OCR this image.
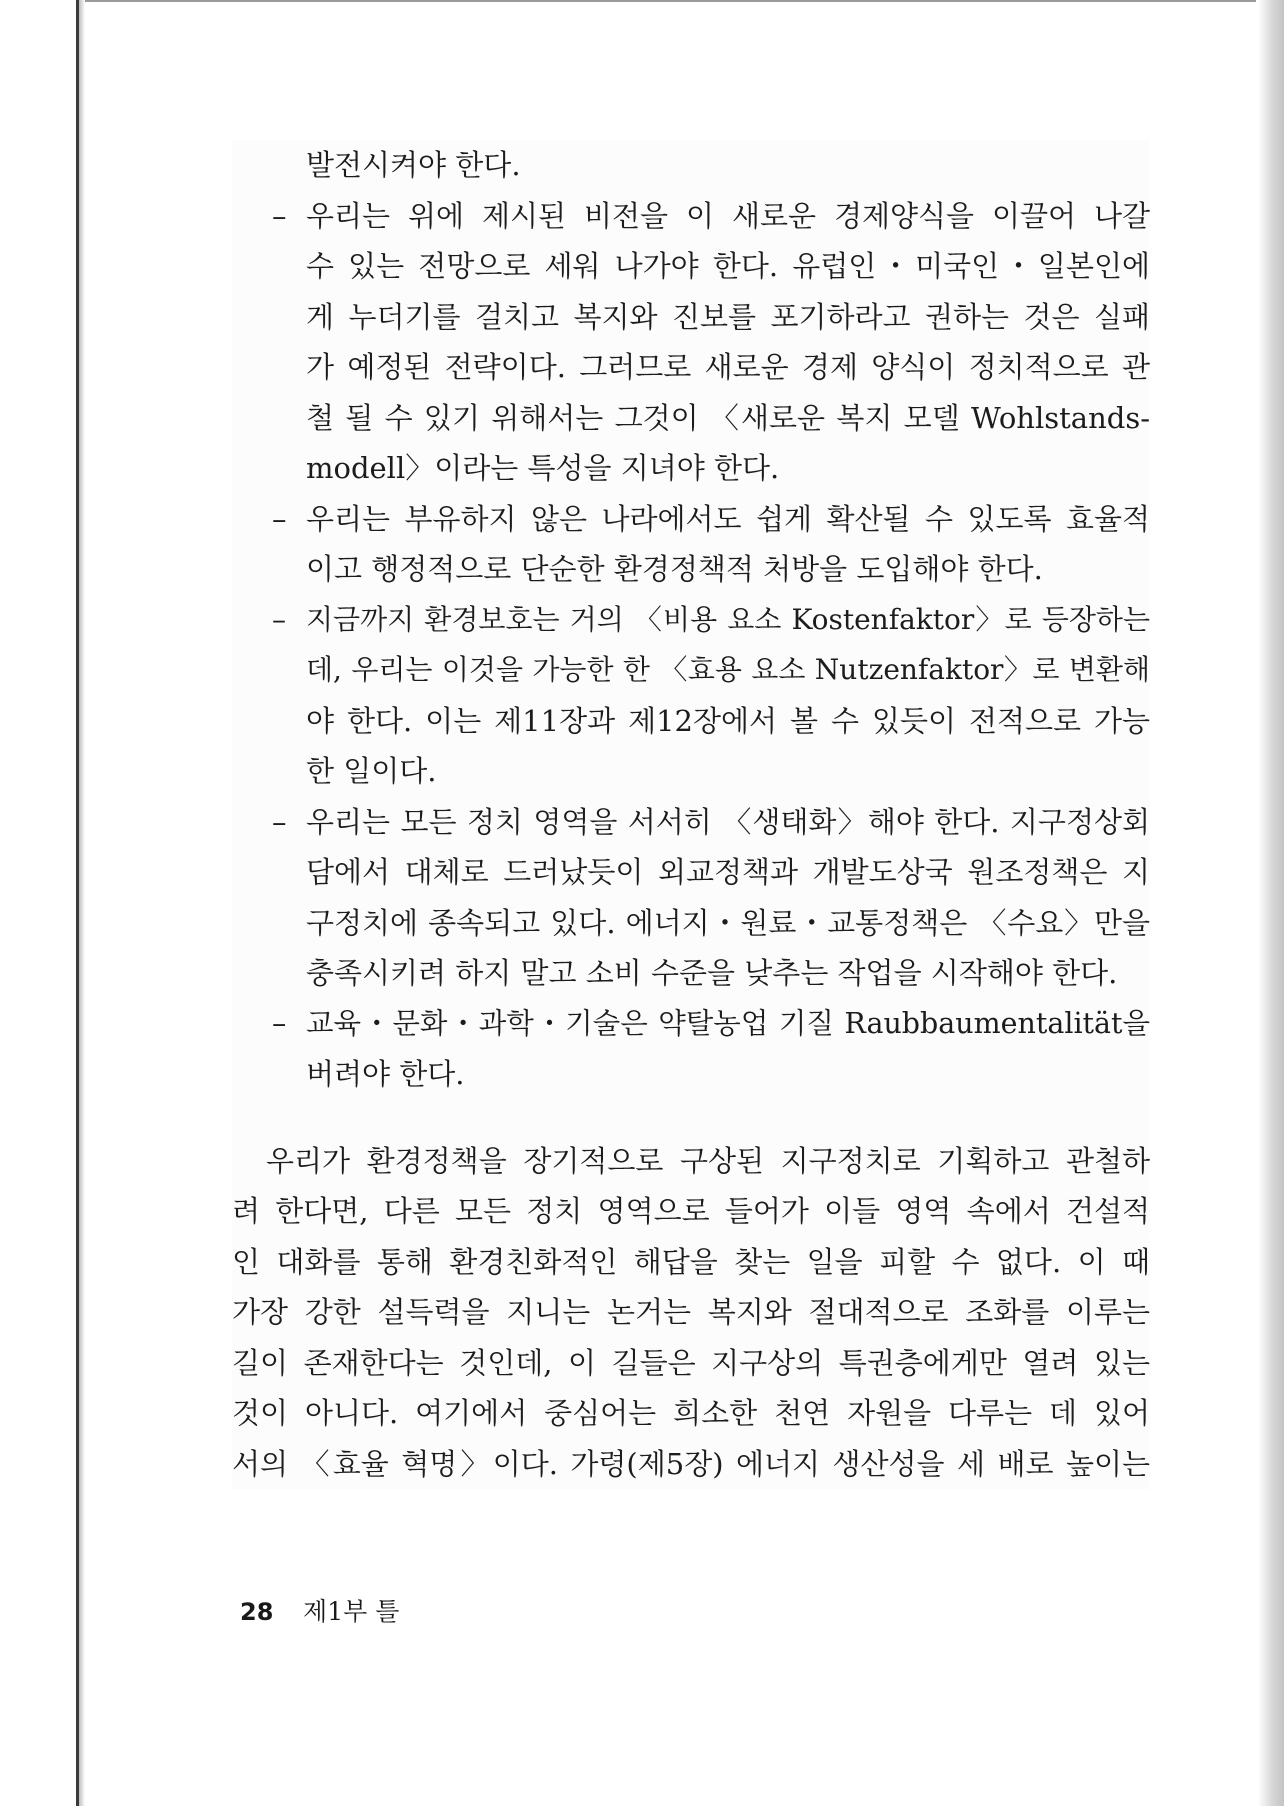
발전시켜야 한다.
– 우리는 위에 제시된 비전을 이 새로운 경제양식을 이끌어 나갈
수 있는 전망으로 세워 나가야 한다. 유럽인・미국인・일본인에
게 누더기를 걸치고 복지와 진보를 포기하라고 권하는 것은 실패
가 예정된 전략이다. 그러므로 새로운 경제 양식이 정치적으로 관
철 될 수 있기 위해서는 그것이 〈새로운 복지 모델 Wohlstands-
modell〉이라는 특성을 지녀야 한다.
– 우리는 부유하지 않은 나라에서도 쉽게 확산될 수 있도록 효율적
이고 행정적으로 단순한 환경정책적 처방을 도입해야 한다.
– 지금까지 환경보호는 거의 〈비용 요소 Kostenfaktor〉로 등장하는
데, 우리는 이것을 가능한 한 〈효용 요소 Nutzenfaktor〉로 변환해
야 한다. 이는 제11장과 제12장에서 볼 수 있듯이 전적으로 가능
한 일이다.
– 우리는 모든 정치 영역을 서서히 〈생태화〉해야 한다. 지구정상회
담에서 대체로 드러났듯이 외교정책과 개발도상국 원조정책은 지
구정치에 종속되고 있다. 에너지・원료・교통정책은 〈수요〉만을
충족시키려 하지 말고 소비 수준을 낮추는 작업을 시작해야 한다.
– 교육・문화・과학・기술은 약탈농업 기질 Raubbaumentalität을
버려야 한다.
우리가 환경정책을 장기적으로 구상된 지구정치로 기획하고 관철하
려 한다면, 다른 모든 정치 영역으로 들어가 이들 영역 속에서 건설적
인 대화를 통해 환경친화적인 해답을 찾는 일을 피할 수 없다. 이 때
가장 강한 설득력을 지니는 논거는 복지와 절대적으로 조화를 이루는
길이 존재한다는 것인데, 이 길들은 지구상의 특권층에게만 열려 있는
것이 아니다. 여기에서 중심어는 희소한 천연 자원을 다루는 데 있어
서의 〈효율 혁명〉이다. 가령(제5장) 에너지 생산성을 세 배로 높이는
28 제1부 틀
